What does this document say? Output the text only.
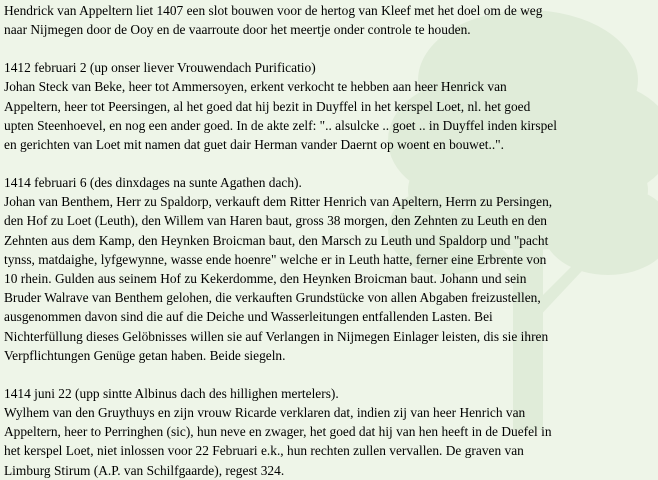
Hendrick van Appeltern liet 1407 een slot bouwen voor de hertog van Kleef met het doel om de weg
naar Nijmegen door de Ooy en de vaarroute door het meertje onder controle te houden.

1412 februari 2 (up onser liever Vrouwendach Purificatio)
Johan Steck van Beke, heer tot Ammersoyen, erkent verkocht te hebben aan heer Henrick van
Appeltern, heer tot Peersingen, al het goed dat hij bezit in Duyffel in het kerspel Loet, nl. het goed
upten Steenhoevel, en nog een ander goed. In de akte zelf: ".. alsulcke .. goet .. in Duyffel inden kirspel
en gerichten van Loet mit namen dat guet dair Herman vander Daernt op woent en bouwet..".

1414 februari 6 (des dinxdages na sunte Agathen dach).
Johan van Benthem, Herr zu Spaldorp, verkauft dem Ritter Henrich van Apeltern, Herrn zu Persingen,
den Hof zu Loet (Leuth), den Willem van Haren baut, gross 38 morgen, den Zehnten zu Leuth en den
Zehnten aus dem Kamp, den Heynken Broicman baut, den Marsch zu Leuth und Spaldorp und "pacht
tynss, matdaighe, lyfgewynne, wasse ende hoenre" welche er in Leuth hatte, ferner eine Erbrente von
10 rhein. Gulden aus seinem Hof zu Kekerdomme, den Heynken Broicman baut. Johann und sein
Bruder Walrave van Benthem gelohen, die verkauften Grundstücke von allen Abgaben freizustellen,
ausgenommen davon sind die auf die Deiche und Wasserleitungen entfallenden Lasten. Bei
Nichterfüllung dieses Gelöbnisses willen sie auf Verlangen in Nijmegen Einlager leisten, dis sie ihren
Verpflichtungen Genüge getan haben. Beide siegeln.

1414 juni 22 (upp sintte Albinus dach des hillighen mertelers).
Wylhem van den Gruythuys en zijn vrouw Ricarde verklaren dat, indien zij van heer Henrich van
Appeltern, heer to Perringhen (sic), hun neve en zwager, het goed dat hij van hen heeft in de Duefel in
het kerspel Loet, niet inlossen voor 22 Februari e.k., hun rechten zullen vervallen. De graven van
Limburg Stirum (A.P. van Schilfgaarde), regest 324.
